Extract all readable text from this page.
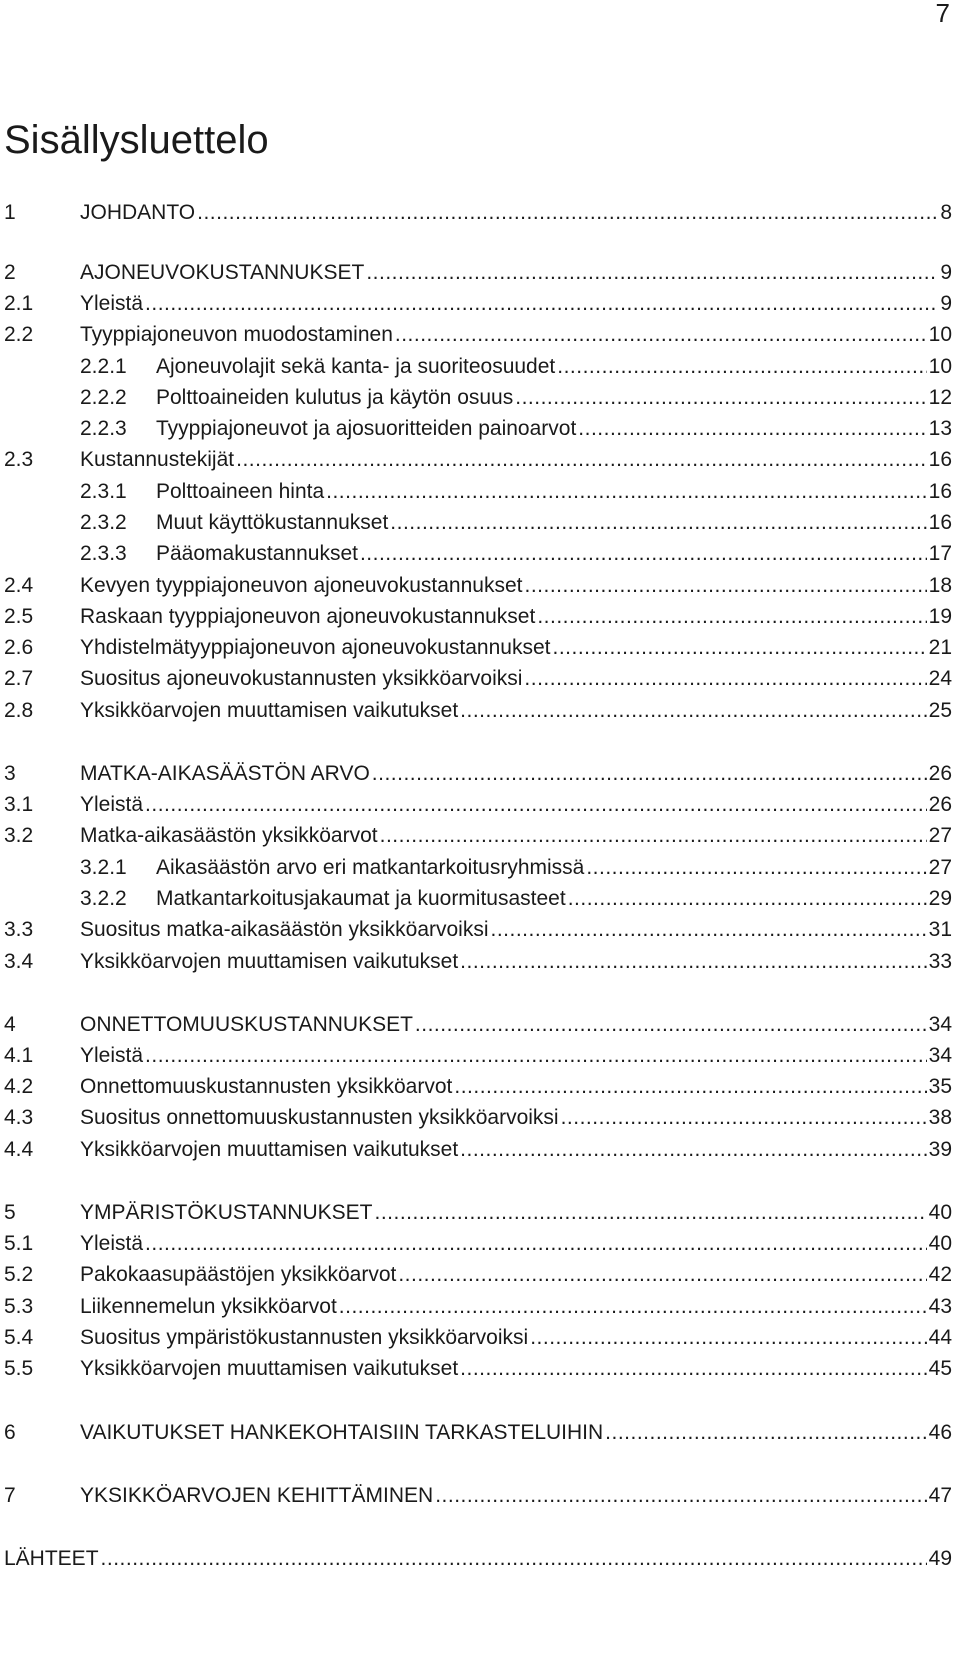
7
Sisällysluettelo
1	JOHDANTO .....	8
2	AJONEUVOKUSTANNUKSET .....	9
2.1 Yleistä .....	9
2.2 Tyyppiajoneuvon muodostaminen .....	10
2.2.1 Ajoneuvolajit sekä kanta- ja suoriteosuudet .....	10
2.2.2 Polttoaineiden kulutus ja käytön osuus .....	12
2.2.3 Tyyppiajoneuvot ja ajosuoritteiden painoarvot .....	13
2.3 Kustannustekijät .....	16
2.3.1 Polttoaineen hinta .....	16
2.3.2 Muut käyttökustannukset .....	16
2.3.3 Pääomakustannukset .....	17
2.4 Kevyen tyyppiajoneuvon ajoneuvokustannukset .....	18
2.5 Raskaan tyyppiajoneuvon ajoneuvokustannukset .....	19
2.6 Yhdistelmätyyppiajoneuvon ajoneuvokustannukset .....	21
2.7 Suositus ajoneuvokustannusten yksikköarvoiksi .....	24
2.8 Yksikköarvojen muuttamisen vaikutukset .....	25
3	MATKA-AIKASÄÄSTÖN ARVO .....	26
3.1 Yleistä .....	26
3.2 Matka-aikasäästön yksikköarvot .....	27
3.2.1 Aikasäästön arvo eri matkantarkoitusryhmissä .....	27
3.2.2 Matkantarkoitusjakaumat ja kuormitusasteet .....	29
3.3 Suositus matka-aikasäästön yksikköarvoiksi .....	31
3.4 Yksikköarvojen muuttamisen vaikutukset .....	33
4	ONNETTOMUUSKUSTANNUKSET .....	34
4.1 Yleistä .....	34
4.2 Onnettomuuskustannusten yksikköarvot .....	35
4.3 Suositus onnettomuuskustannusten yksikköarvoiksi .....	38
4.4 Yksikköarvojen muuttamisen vaikutukset .....	39
5	YMPÄRISTÖKUSTANNUKSET .....	40
5.1 Yleistä .....	40
5.2 Pakokaasupäästöjen yksikköarvot .....	42
5.3 Liikennemelun yksikköarvot .....	43
5.4 Suositus ympäristökustannusten yksikköarvoiksi .....	44
5.5 Yksikköarvojen muuttamisen vaikutukset .....	45
6	VAIKUTUKSET HANKEKOHTAISIIN TARKASTELUIHIN .....	46
7	YKSIKKÖARVOJEN KEHITTÄMINEN .....	47
LÄHTEET .....	49
